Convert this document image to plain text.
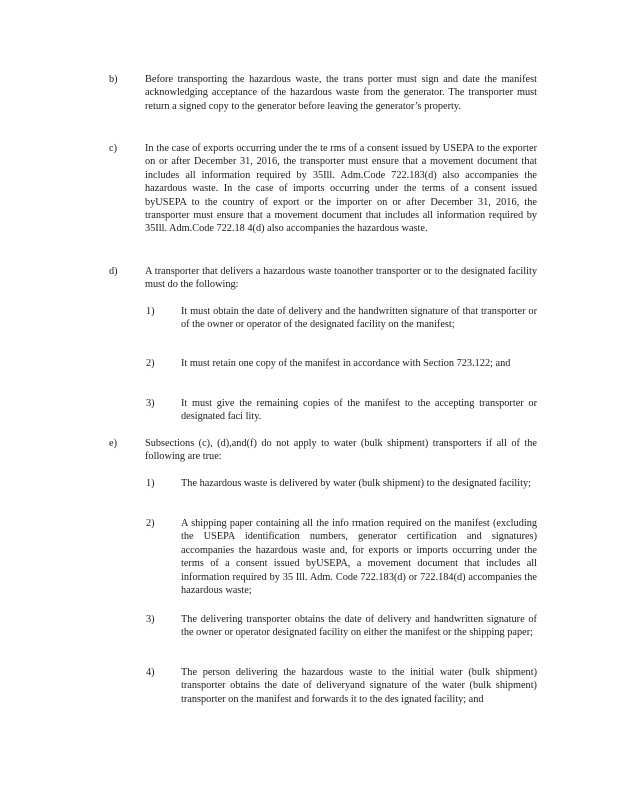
b)	Before transporting the hazardous waste, the trans porter must sign and date the manifest acknowledging acceptance of the hazardous waste from the generator. The transporter must return a signed copy to the generator before leaving the generator’s property.

c)	In the case of exports occurring under the te rms of a consent issued by USEPA to the exporter on or after December 31, 2016, the transporter must ensure that a movement document that includes all information required by 35Ill. Adm.Code 722.183(d) also accompanies the hazardous waste. In the case of imports occurring under the terms of a consent issued byUSEPA to the country of export or the importer on or after December 31, 2016, the transporter must ensure that a movement document that includes all information required by 35Ill. Adm.Code 722.18 4(d) also accompanies the hazardous waste.

d)	A transporter that delivers a hazardous waste toanother transporter or to the designated facility must do the following:

1)	It must obtain the date of delivery and the handwritten signature of that transporter or of the owner or operator of the designated facility on the manifest;

2)	It must retain one copy of the manifest in accordance with Section 723.122; and

3)	It must give the remaining copies of the manifest to the accepting transporter or designated faci lity.

e)	Subsections (c), (d),and(f) do not apply to water (bulk shipment) transporters if all of the following are true:

1)	The hazardous waste is delivered by water (bulk shipment) to the designated facility;

2)	A shipping paper containing all the info rmation required on the manifest (excluding the USEPA identification numbers, generator certification and signatures) accompanies the hazardous waste and, for exports or imports occurring under the terms of a consent issued byUSEPA, a movement document that includes all information required by 35 Ill. Adm. Code 722.183(d) or 722.184(d) accompanies the hazardous waste;

3)	The delivering transporter obtains the date of delivery and handwritten signature of the owner or operator designated facility on either the manifest or the shipping paper;

4)	The person delivering the hazardous waste to the initial water (bulk shipment) transporter obtains the date of deliveryand signature of the water (bulk shipment) transporter on the manifest and forwards it to the des ignated facility; and
